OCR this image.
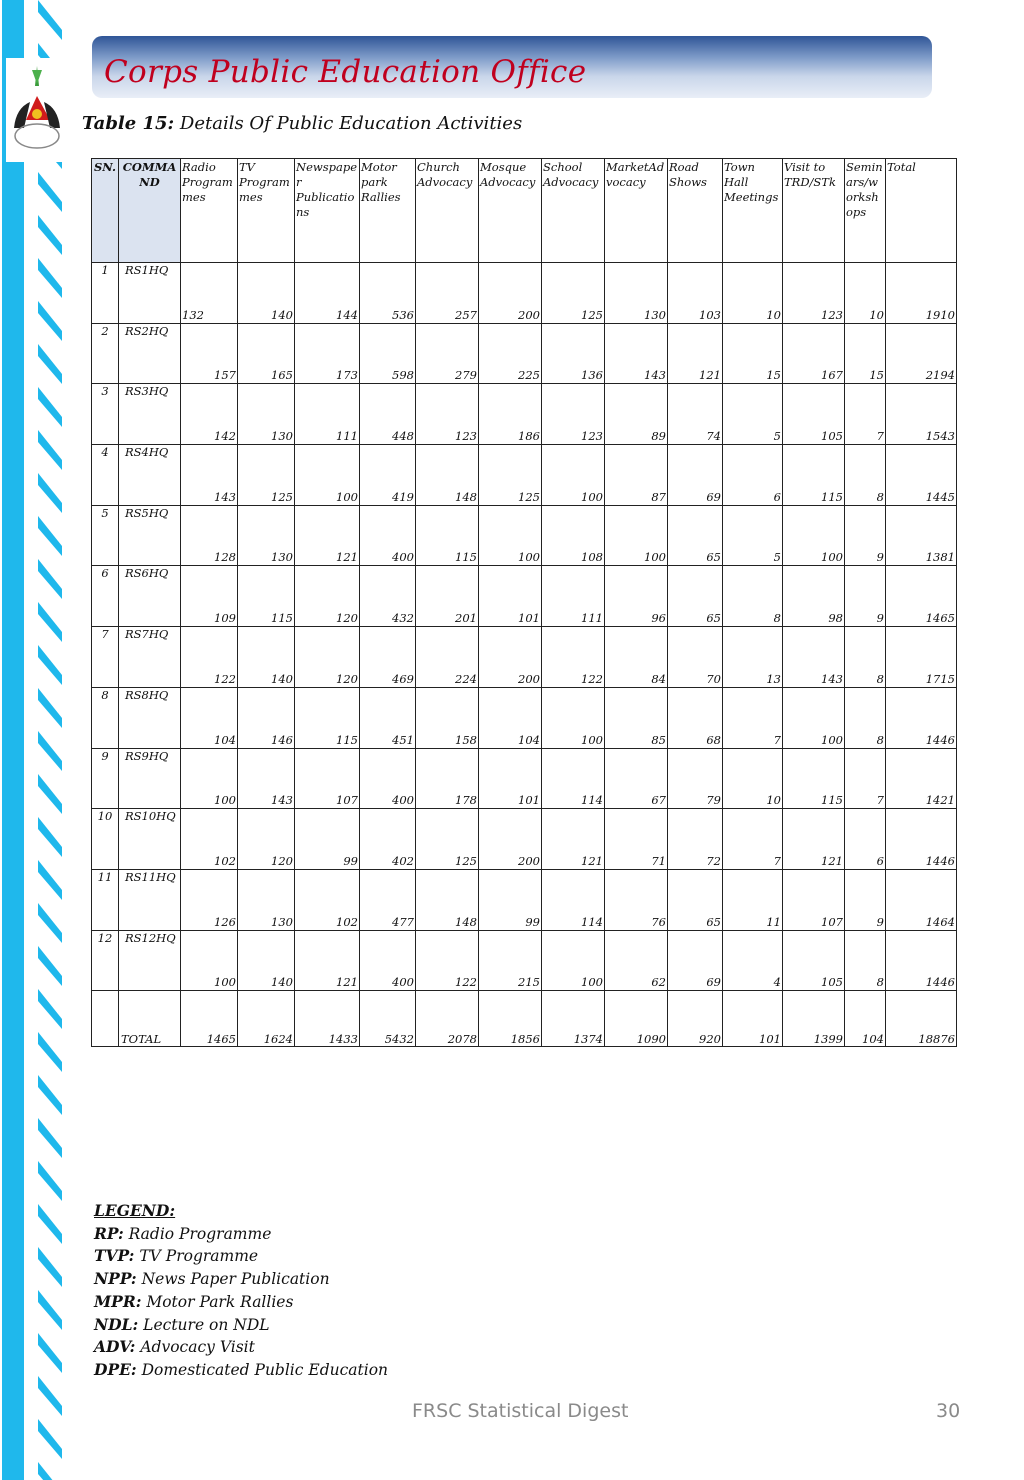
Corps Public Education Office
Table 15: Details Of Public Education Activities
SN.	COMMAND	Radio Programmes	TV Programmes	Newspaper Publications	Motor park Rallies	Church Advocacy	Mosque Advocacy	School Advocacy	MarketAdvocacy	Road Shows	Town Hall Meetings	Visit to TRD/STk	Seminars/workshops	Total
1	RS1HQ	132	140	144	536	257	200	125	130	103	10	123	10	1910
2	RS2HQ	157	165	173	598	279	225	136	143	121	15	167	15	2194
3	RS3HQ	142	130	111	448	123	186	123	89	74	5	105	7	1543
4	RS4HQ	143	125	100	419	148	125	100	87	69	6	115	8	1445
5	RS5HQ	128	130	121	400	115	100	108	100	65	5	100	9	1381
6	RS6HQ	109	115	120	432	201	101	111	96	65	8	98	9	1465
7	RS7HQ	122	140	120	469	224	200	122	84	70	13	143	8	1715
8	RS8HQ	104	146	115	451	158	104	100	85	68	7	100	8	1446
9	RS9HQ	100	143	107	400	178	101	114	67	79	10	115	7	1421
10	RS10HQ	102	120	99	402	125	200	121	71	72	7	121	6	1446
11	RS11HQ	126	130	102	477	148	99	114	76	65	11	107	9	1464
12	RS12HQ	100	140	121	400	122	215	100	62	69	4	105	8	1446
	TOTAL	1465	1624	1433	5432	2078	1856	1374	1090	920	101	1399	104	18876
LEGEND:
RP: Radio Programme
TVP: TV Programme
NPP: News Paper Publication
MPR: Motor Park Rallies
NDL: Lecture on NDL
ADV: Advocacy Visit
DPE: Domesticated Public Education
FRSC Statistical Digest	30
